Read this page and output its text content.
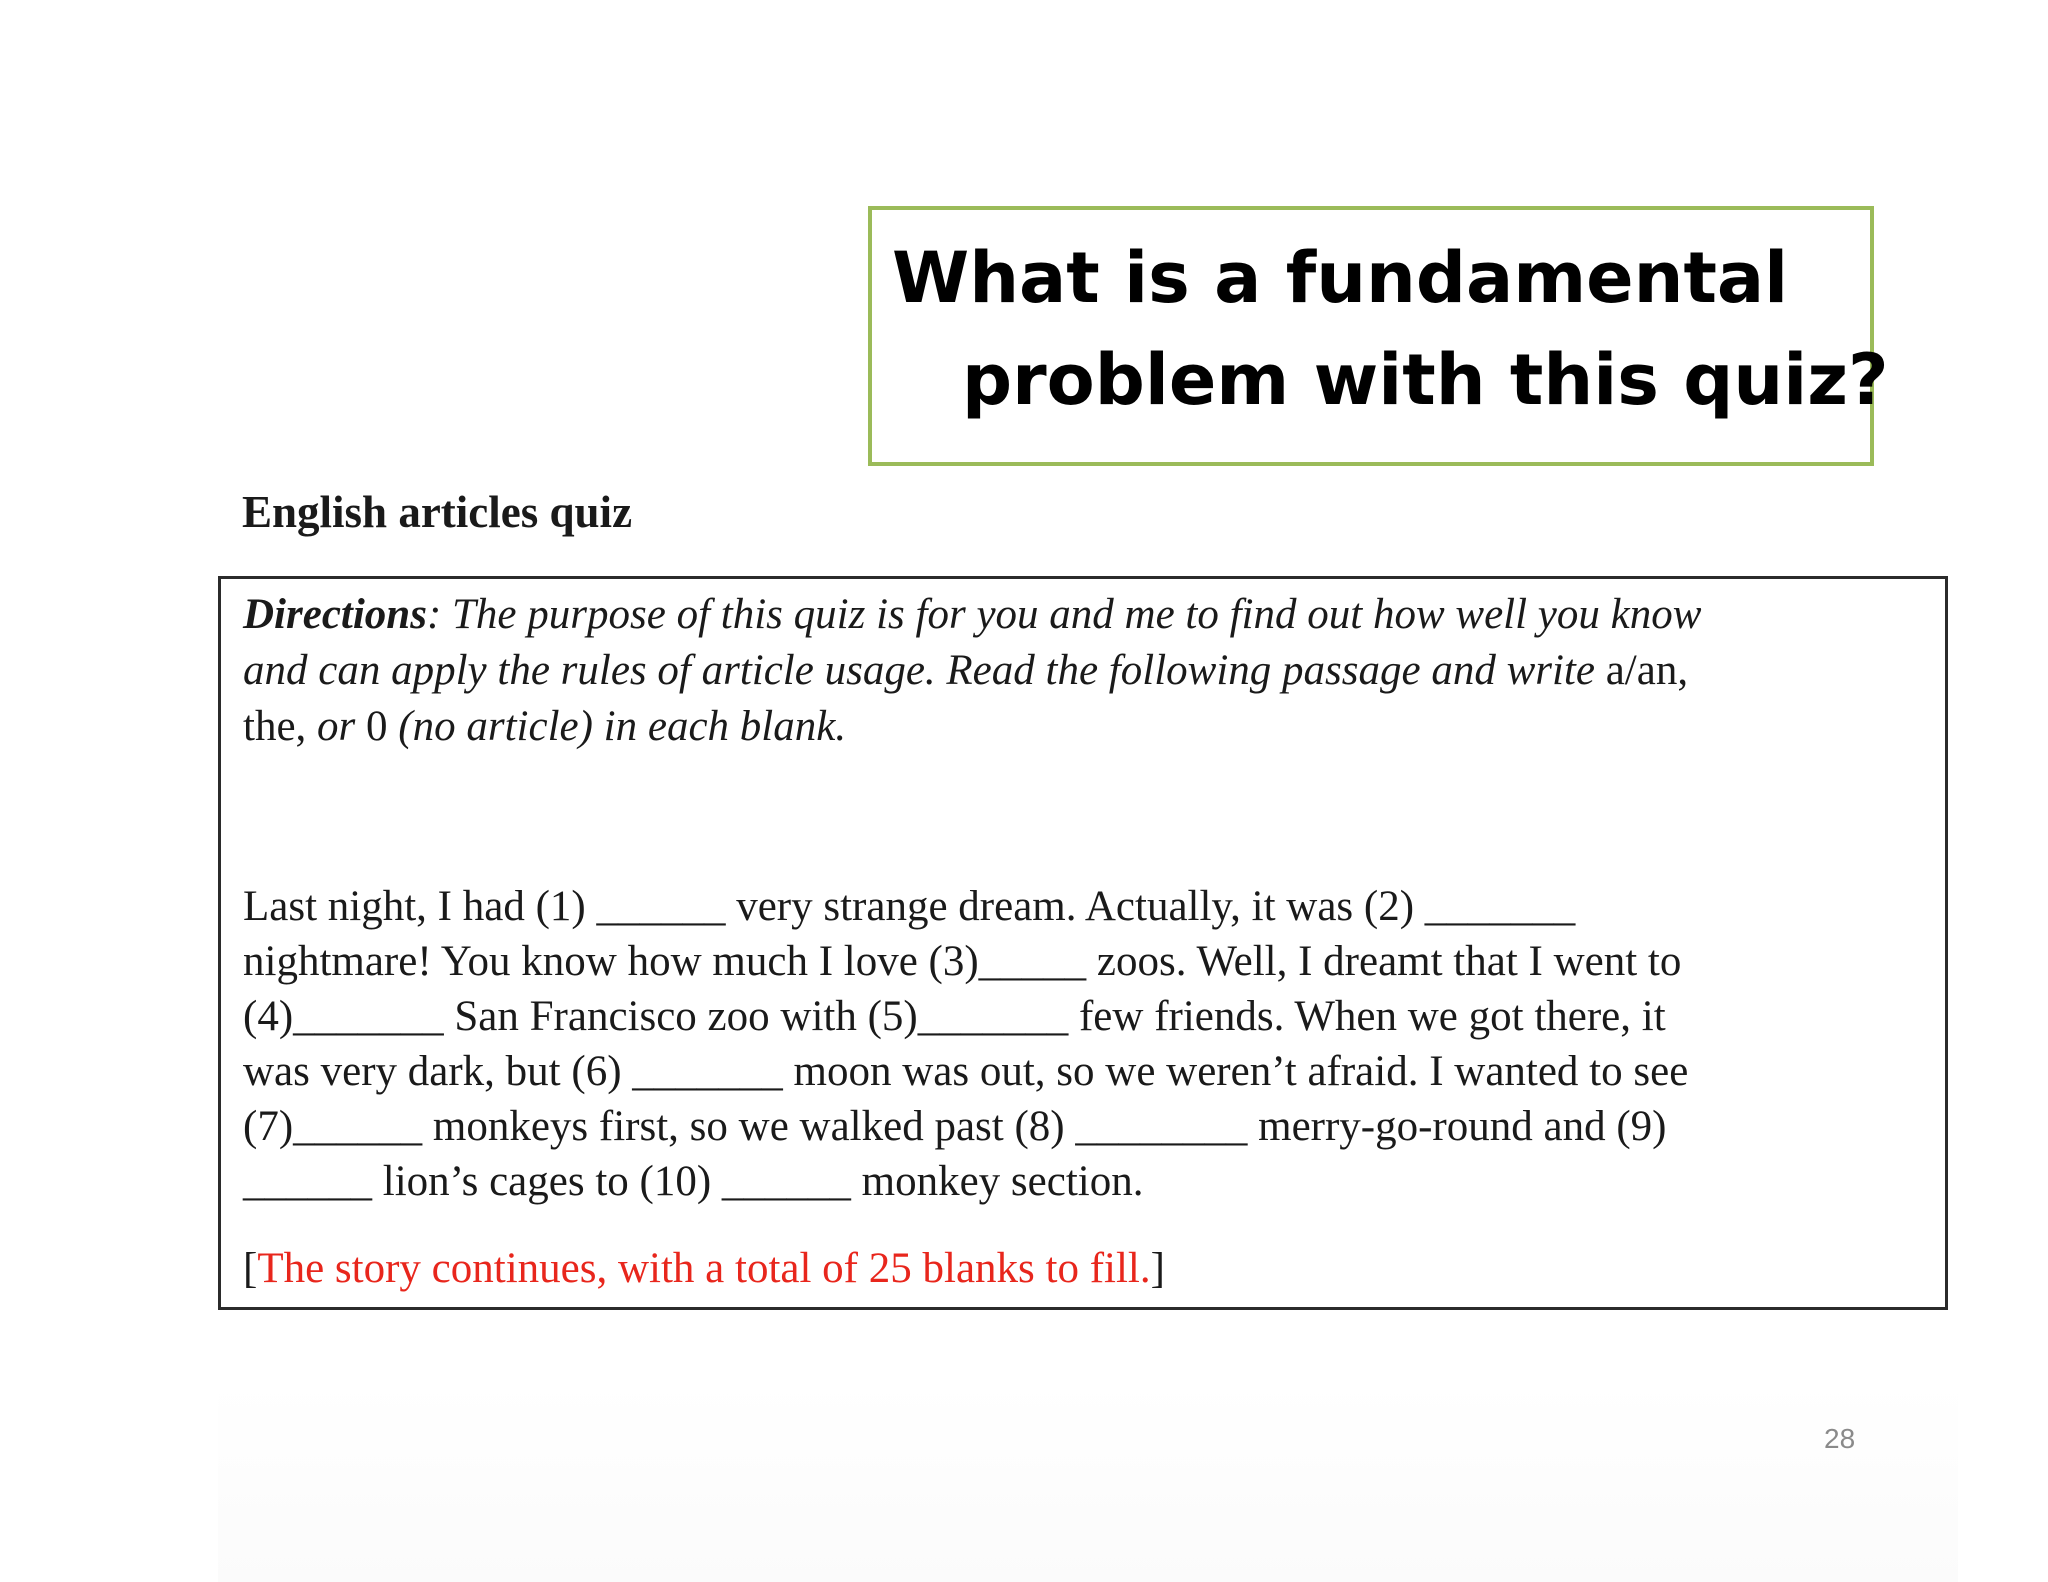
What is a fundamental
problem with this quiz?
English articles quiz
Directions: The purpose of this quiz is for you and me to find out how well you know
and can apply the rules of article usage. Read the following passage and write a/an,
the, or 0 (no article) in each blank.
Last night, I had (1) ______ very strange dream. Actually, it was (2) _______
nightmare! You know how much I love (3)_____ zoos. Well, I dreamt that I went to
(4)_______ San Francisco zoo with (5)_______ few friends. When we got there, it
was very dark, but (6) _______ moon was out, so we weren’t afraid. I wanted to see
(7)______ monkeys first, so we walked past (8) ________ merry-go-round and (9)
______ lion’s cages to (10) ______ monkey section.
[The story continues, with a total of 25 blanks to fill.]
28
